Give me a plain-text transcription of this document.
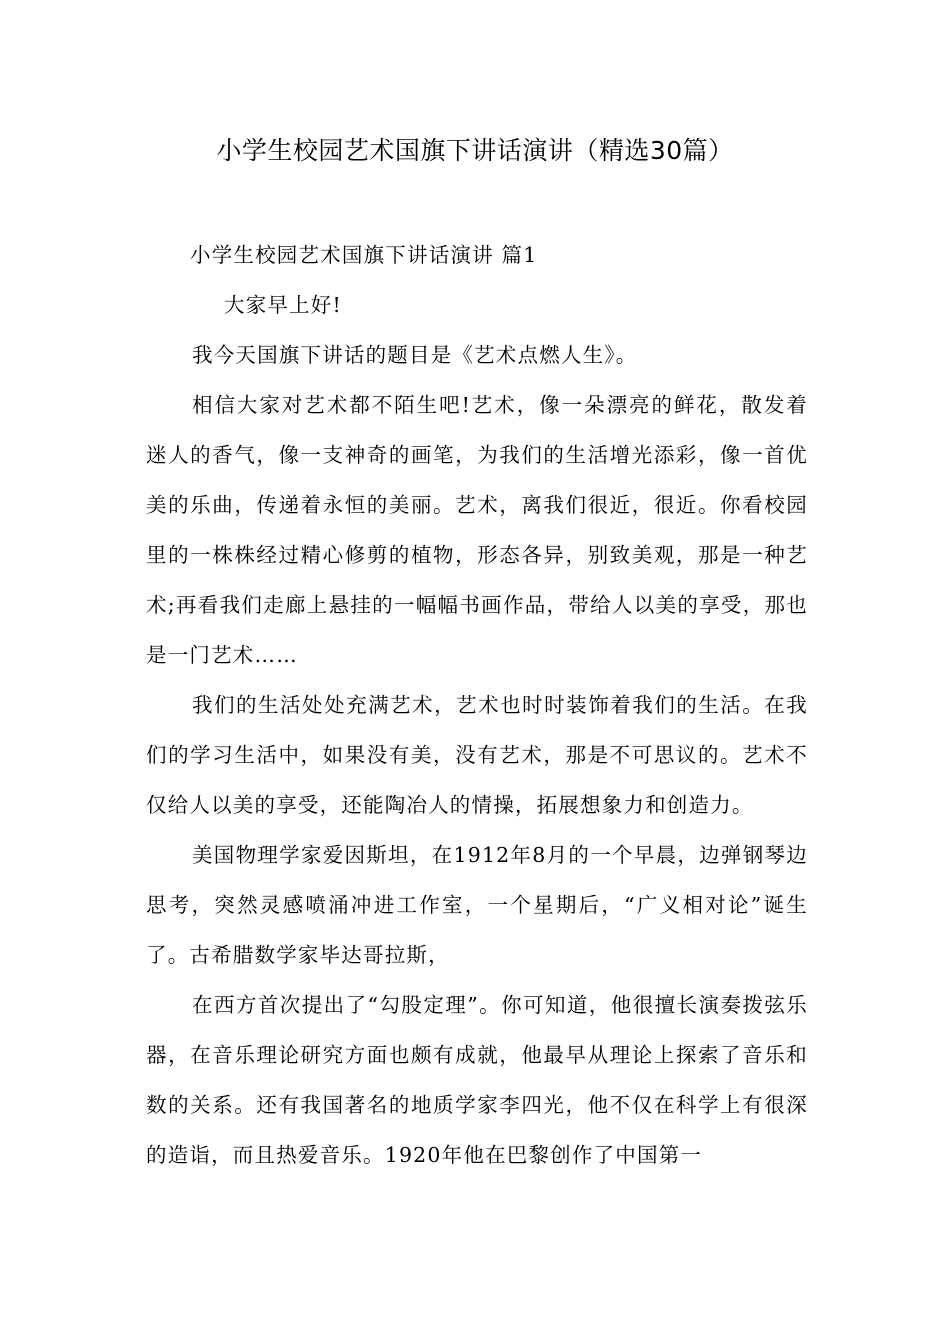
小学生校园艺术国旗下讲话演讲（精选30篇）

小学生校园艺术国旗下讲话演讲 篇1

大家早上好!

我今天国旗下讲话的题目是《艺术点燃人生》。

相信大家对艺术都不陌生吧!艺术，像一朵漂亮的鲜花，散发着迷人的香气，像一支神奇的画笔，为我们的生活增光添彩，像一首优美的乐曲，传递着永恒的美丽。艺术，离我们很近，很近。你看校园里的一株株经过精心修剪的植物，形态各异，别致美观，那是一种艺术;再看我们走廊上悬挂的一幅幅书画作品，带给人以美的享受，那也是一门艺术……

我们的生活处处充满艺术，艺术也时时装饰着我们的生活。在我们的学习生活中，如果没有美，没有艺术，那是不可思议的。艺术不仅给人以美的享受，还能陶冶人的情操，拓展想象力和创造力。

美国物理学家爱因斯坦，在1912年8月的一个早晨，边弹钢琴边思考，突然灵感喷涌冲进工作室，一个星期后，“广义相对论”诞生了。古希腊数学家毕达哥拉斯，

在西方首次提出了“勾股定理”。你可知道，他很擅长演奏拨弦乐器，在音乐理论研究方面也颇有成就，他最早从理论上探索了音乐和数的关系。还有我国著名的地质学家李四光，他不仅在科学上有很深的造诣，而且热爱音乐。1920年他在巴黎创作了中国第一
